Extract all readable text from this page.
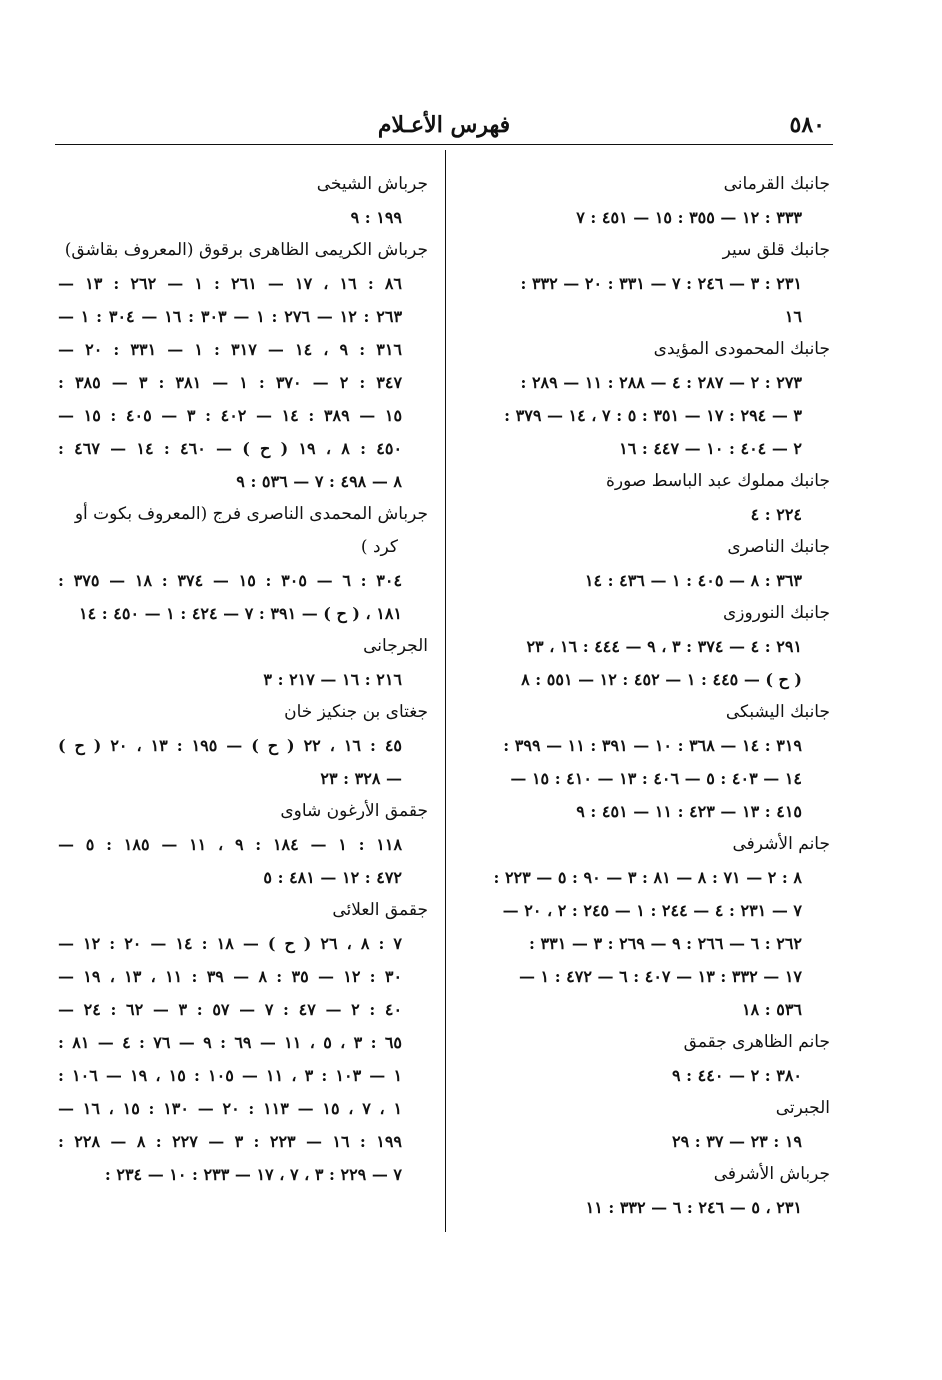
٥٨٠
فهرس الأعـلام
جانبك القرمانى
٣٣٣ : ١٢ — ٣٥٥ : ١٥ — ٤٥١ : ٧
جانبك قلق سير
٢٣١ : ٣ — ٢٤٦ : ٧ — ٣٣١ : ٢٠ — ٣٣٢ :
١٦
جانبك المحمودى المؤيدى
٢٧٣ : ٢ — ٢٨٧ : ٤ — ٢٨٨ : ١١ — ٢٨٩ :
٣ — ٢٩٤ : ١٧ — ٣٥١ : ٥ : ٧ ، ١٤ — ٣٧٩ :
٢ — ٤٠٤ : ١٠ — ٤٤٧ : ١٦
جانبك مملوك عبد الباسط صورة
٢٢٤ : ٤
جانبك الناصرى
٣٦٣ : ٨ — ٤٠٥ : ١ — ٤٣٦ : ١٤
جانبك النوروزى
٢٩١ : ٤ — ٣٧٤ : ٣ ، ٩ — ٤٤٤ : ١٦ ، ٢٣
( ح ) — ٤٤٥ : ١ — ٤٥٢ : ١٢ — ٥٥١ : ٨
جانبك اليشبكى
٣١٩ : ١٤ — ٣٦٨ : ١٠ — ٣٩١ : ١١ — ٣٩٩ :
١٤ — ٤٠٣ : ٥ — ٤٠٦ : ١٣ — ٤١٠ : ١٥ —
٤١٥ : ١٣ — ٤٢٣ : ١١ — ٤٥١ : ٩
جانم الأشرفى
٨ : ٢ — ٧١ : ٨ — ٨١ : ٣ — ٩٠ : ٥ — ٢٢٣ :
٧ — ٢٣١ : ٤ — ٢٤٤ : ١ — ٢٤٥ : ٢ ، ٢٠ —
٢٦٢ : ٦ — ٢٦٦ : ٩ — ٢٦٩ : ٣ — ٣٣١ :
١٧ — ٣٣٢ : ١٣ — ٤٠٧ : ٦ — ٤٧٢ : ١ —
٥٣٦ : ١٨
جانم الظاهرى جقمق
٣٨٠ : ٢ — ٤٤٠ : ٩
الجبرتى
١٩ : ٢٣ — ٣٧ : ٢٩
جرباش الأشرفى
٢٣١ ، ٥ — ٢٤٦ : ٦ — ٣٣٢ : ١١
جرباش الشيخى
١٩٩ : ٩
جرباش الكريمى الظاهرى برقوق (المعروف بقاشق)
٨٦ : ١٦ ، ١٧ — ٢٦١ : ١ — ٢٦٢ : ١٣ —
٢٦٣ : ١٢ — ٢٧٦ : ١ — ٣٠٣ : ١٦ — ٣٠٤ : ١ —
٣١٦ : ٩ ، ١٤ — ٣١٧ : ١ — ٣٣١ : ٢٠ —
٣٤٧ : ٢ — ٣٧٠ : ١ — ٣٨١ : ٣ — ٣٨٥ :
١٥ — ٣٨٩ : ١٤ — ٤٠٢ : ٣ — ٤٠٥ : ١٥ —
٤٥٠ : ٨ ، ١٩ ( ح ) — ٤٦٠ : ١٤ — ٤٦٧ :
٨ — ٤٩٨ : ٧ — ٥٣٦ : ٩
جرباش المحمدى الناصرى فرج (المعروف بكوت أو
كرد )
٣٠٤ : ٦ — ٣٠٥ : ١٥ — ٣٧٤ : ١٨ — ٣٧٥ :
١٨١ ، ( ح ) — ٣٩١ : ٧ — ٤٢٤ : ١ — ٤٥٠ : ١٤
الجرجانى
٢١٦ : ١٦ — ٢١٧ : ٣
جغتاى بن جنكيز خان
٤٥ : ١٦ ، ٢٢ ( ح ) — ١٩٥ : ١٣ ، ٢٠ ( ح )
— ٣٢٨ : ٢٣
جقمق الأرغون شاوى
١١٨ : ١ — ١٨٤ : ٩ ، ١١ — ١٨٥ : ٥ —
٤٧٢ : ١٢ — ٤٨١ : ٥
جقمق العلائى
٧ : ٨ ، ٢٦ ( ح ) — ١٨ : ١٤ — ٢٠ : ١٢ —
٣٠ : ١٢ — ٣٥ : ٨ — ٣٩ : ١١ ، ١٣ ، ١٩ —
٤٠ : ٢ — ٤٧ : ٧ — ٥٧ : ٣ — ٦٢ : ٢٤ —
٦٥ : ٣ ، ٥ ، ١١ — ٦٩ : ٩ — ٧٦ : ٤ — ٨١ :
١ — ١٠٣ : ٣ ، ١١ — ١٠٥ : ١٥ ، ١٩ — ١٠٦ :
١ ، ٧ ، ١٥ — ١١٣ : ٢٠ — ١٣٠ : ١٥ ، ١٦ —
١٩٩ : ١٦ — ٢٢٣ : ٣ — ٢٢٧ : ٨ — ٢٢٨ :
٧ — ٢٢٩ : ٣ ، ٧ ، ١٧ — ٢٣٣ : ١٠ — ٢٣٤ :
